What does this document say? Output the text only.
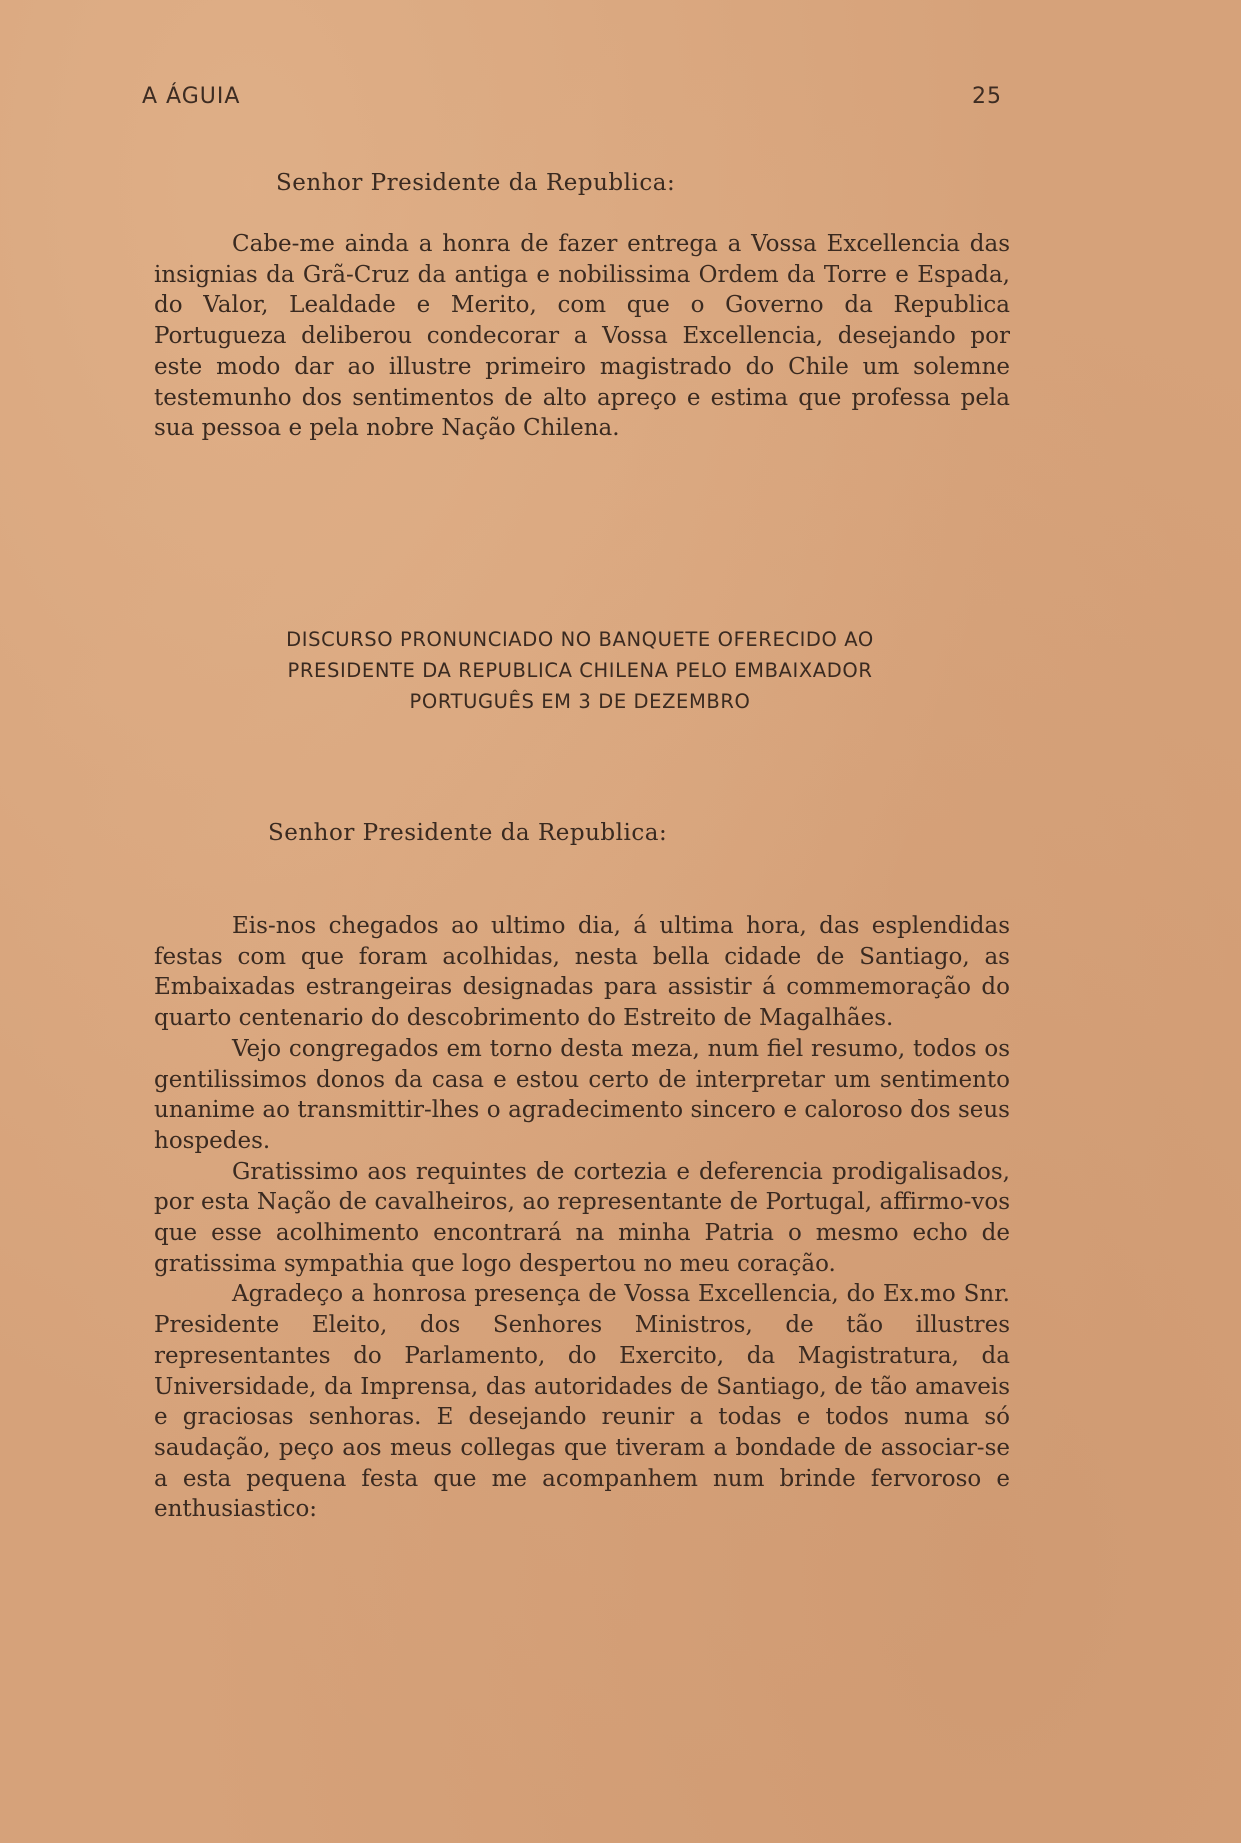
A ÁGUIA	25
Senhor Presidente da Republica:

Cabe-me ainda a honra de fazer entrega a Vossa Excellencia das insignias da Grã-Cruz da antiga e nobilissima Ordem da Torre e Espada, do Valor, Lealdade e Merito, com que o Governo da Republica Portugueza deliberou condecorar a Vossa Excellencia, desejando por este modo dar ao illustre primeiro magistrado do Chile um solemne testemunho dos sentimentos de alto apreço e estima que professa pela sua pessoa e pela nobre Nação Chilena.

DISCURSO PRONUNCIADO NO BANQUETE OFERECIDO AO
PRESIDENTE DA REPUBLICA CHILENA PELO EMBAIXADOR
PORTUGUÊS EM 3 DE DEZEMBRO
Senhor Presidente da Republica:

Eis-nos chegados ao ultimo dia, á ultima hora, das esplendidas festas com que foram acolhidas, nesta bella cidade de Santiago, as Embaixadas estrangeiras designadas para assistir á commemoração do quarto centenario do descobrimento do Estreito de Magalhães.

Vejo congregados em torno desta meza, num fiel resumo, todos os gentilissimos donos da casa e estou certo de interpretar um sentimento unanime ao transmittir-lhes o agradecimento sincero e caloroso dos seus hospedes.

Gratissimo aos requintes de cortezia e deferencia prodigalisados, por esta Nação de cavalheiros, ao representante de Portugal, affirmo-vos que esse acolhimento encontrará na minha Patria o mesmo echo de gratissima sympathia que logo despertou no meu coração.

Agradeço a honrosa presença de Vossa Excellencia, do Ex.mo Snr. Presidente Eleito, dos Senhores Ministros, de tão illustres representantes do Parlamento, do Exercito, da Magistratura, da Universidade, da Imprensa, das autoridades de Santiago, de tão amaveis e graciosas senhoras. E desejando reunir a todas e todos numa só saudação, peço aos meus collegas que tiveram a bondade de associar-se a esta pequena festa que me acompanhem num brinde fervoroso e enthusiastico:
